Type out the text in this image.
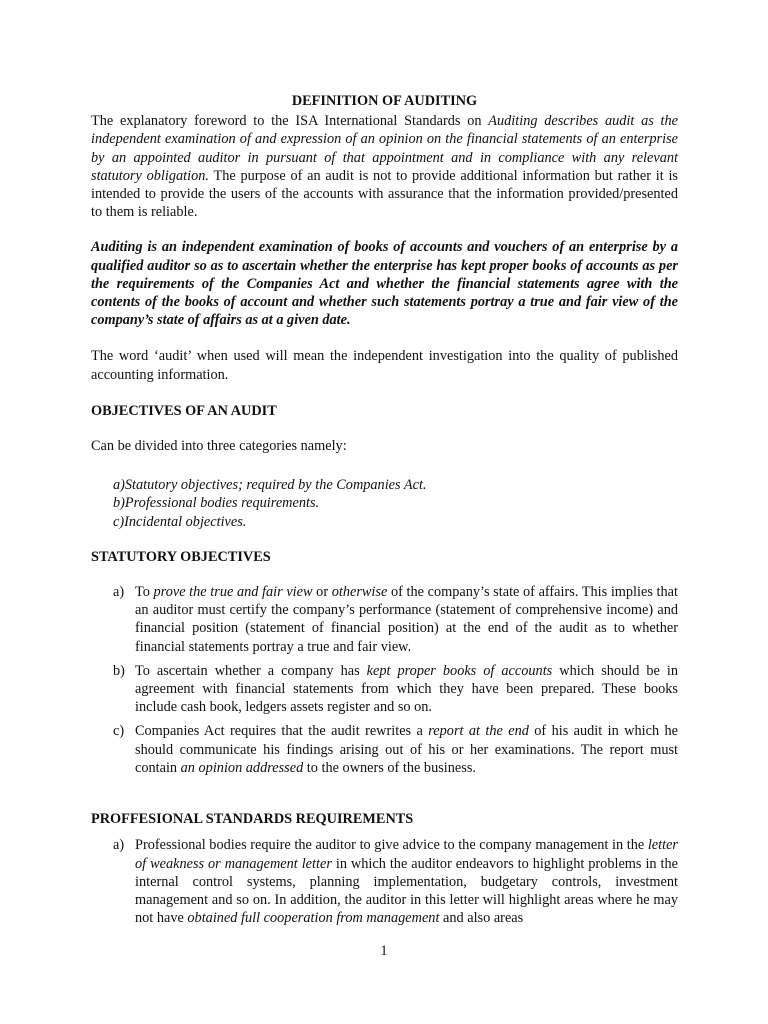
DEFINITION OF AUDITING

The explanatory foreword to the ISA International Standards on Auditing describes audit as the independent examination of and expression of an opinion on the financial statements of an enterprise by an appointed auditor in pursuant of that appointment and in compliance with any relevant statutory obligation. The purpose of an audit is not to provide additional information but rather it is intended to provide the users of the accounts with assurance that the information provided/presented to them is reliable.

Auditing is an independent examination of books of accounts and vouchers of an enterprise by a qualified auditor so as to ascertain whether the enterprise has kept proper books of accounts as per the requirements of the Companies Act and whether the financial statements agree with the contents of the books of account and whether such statements portray a true and fair view of the company’s state of affairs as at a given date.

The word ‘audit’ when used will mean the independent investigation into the quality of published accounting information.

OBJECTIVES OF AN AUDIT

Can be divided into three categories namely:

a)Statutory objectives; required by the Companies Act.
b)Professional bodies requirements.
c)Incidental objectives.
STATUTORY OBJECTIVES
a) To prove the true and fair view or otherwise of the company’s state of affairs. This implies that an auditor must certify the company’s performance (statement of comprehensive income) and financial position (statement of financial position) at the end of the audit as to whether financial statements portray a true and fair view.
b) To ascertain whether a company has kept proper books of accounts which should be in agreement with financial statements from which they have been prepared. These books include cash book, ledgers assets register and so on.
c) Companies Act requires that the audit rewrites a report at the end of his audit in which he should communicate his findings arising out of his or her examinations. The report must contain an opinion addressed to the owners of the business.
PROFFESIONAL STANDARDS REQUIREMENTS
a) Professional bodies require the auditor to give advice to the company management in the letter of weakness or management letter in which the auditor endeavors to highlight problems in the internal control systems, planning implementation, budgetary controls, investment management and so on. In addition, the auditor in this letter will highlight areas where he may not have obtained full cooperation from management and also areas
1
